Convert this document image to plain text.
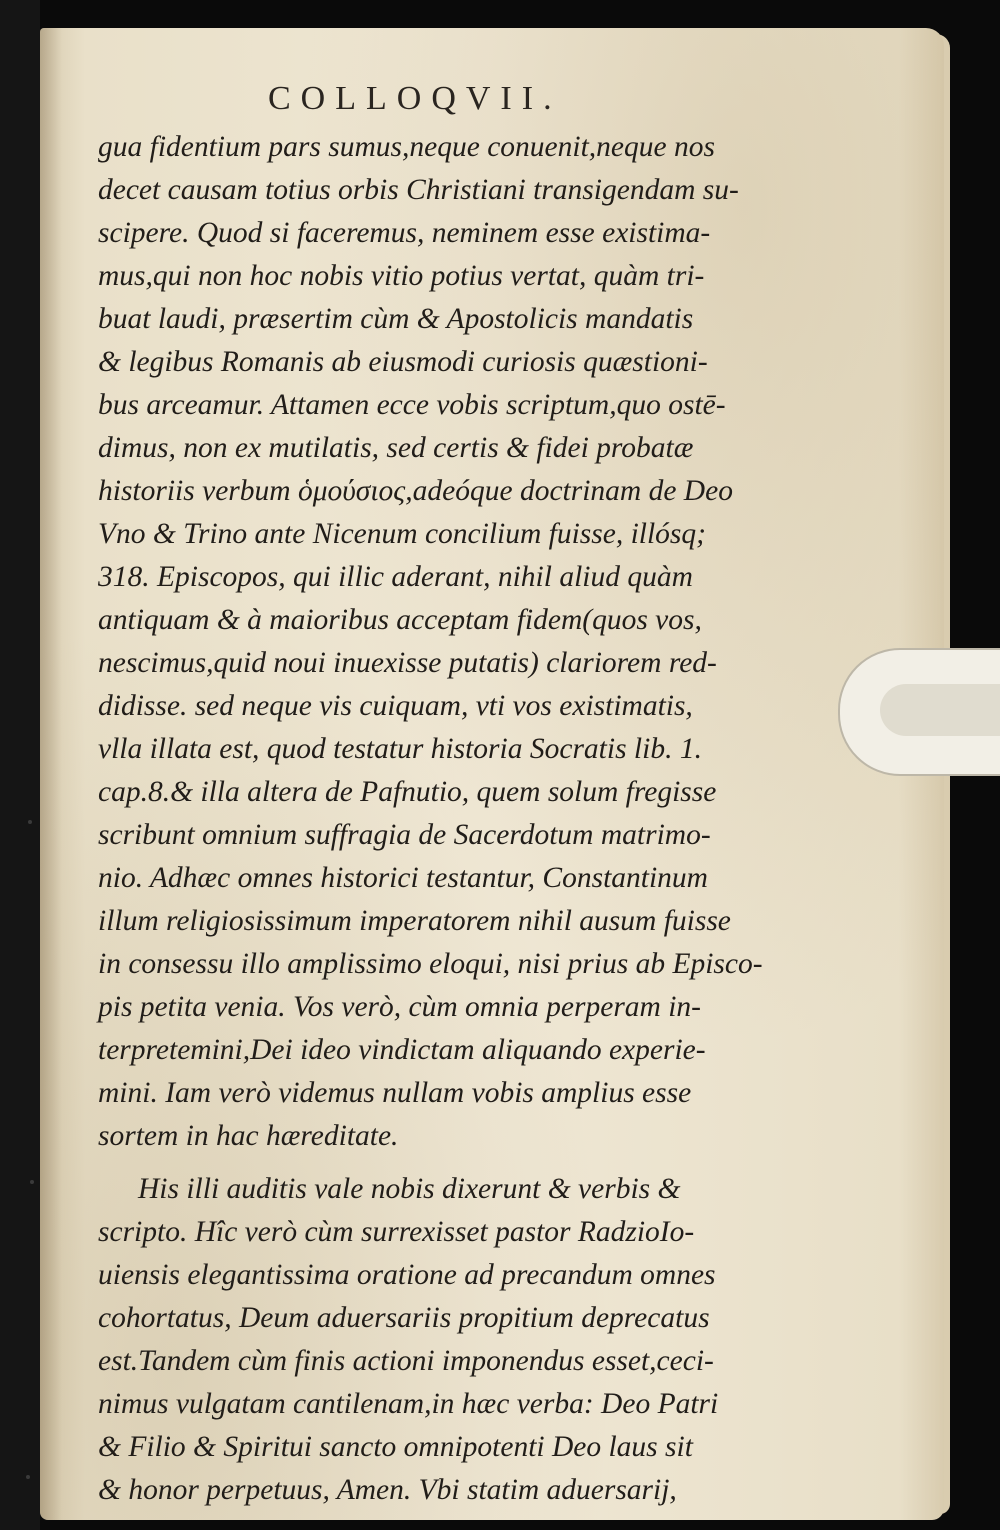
COLLOQVII.

gua fidentium pars sumus,neque conuenit,neque nos

decet causam totius orbis Christiani transigendam su-

scipere. Quod si faceremus, neminem esse existima-

mus,qui non hoc nobis vitio potius vertat, quàm tri-

buat laudi, præsertim cùm & Apostolicis mandatis

& legibus Romanis ab eiusmodi curiosis quæstioni-

bus arceamur. Attamen ecce vobis scriptum,quo ostē-

dimus, non ex mutilatis, sed certis & fidei probatæ

historiis verbum ὁμούσιος,adeóque doctrinam de Deo

Vno & Trino ante Nicenum concilium fuisse, illósq;

318. Episcopos, qui illic aderant, nihil aliud quàm

antiquam & à maioribus acceptam fidem(quos vos,

nescimus,quid noui inuexisse putatis) clariorem red-

didisse. sed neque vis cuiquam, vti vos existimatis,

vlla illata est, quod testatur historia Socratis lib. 1.

cap.8.& illa altera de Pafnutio, quem solum fregisse

scribunt omnium suffragia de Sacerdotum matrimo-

nio. Adhæc omnes historici testantur, Constantinum

illum religiosissimum imperatorem nihil ausum fuisse

in consessu illo amplissimo eloqui, nisi prius ab Episco-

pis petita venia. Vos verò, cùm omnia perperam in-

terpretemini,Dei ideo vindictam aliquando experie-

mini. Iam verò videmus nullam vobis amplius esse

sortem in hac hæreditate.

His illi auditis vale nobis dixerunt & verbis &

scripto. Hîc verò cùm surrexisset pastor RadzioIo-

uiensis elegantissima oratione ad precandum omnes

cohortatus, Deum aduersariis propitium deprecatus

est.Tandem cùm finis actioni imponendus esset,ceci-

nimus vulgatam cantilenam,in hæc verba: Deo Patri

& Filio & Spiritui sancto omnipotenti Deo laus sit

& honor perpetuus, Amen. Vbi statim aduersarij,
